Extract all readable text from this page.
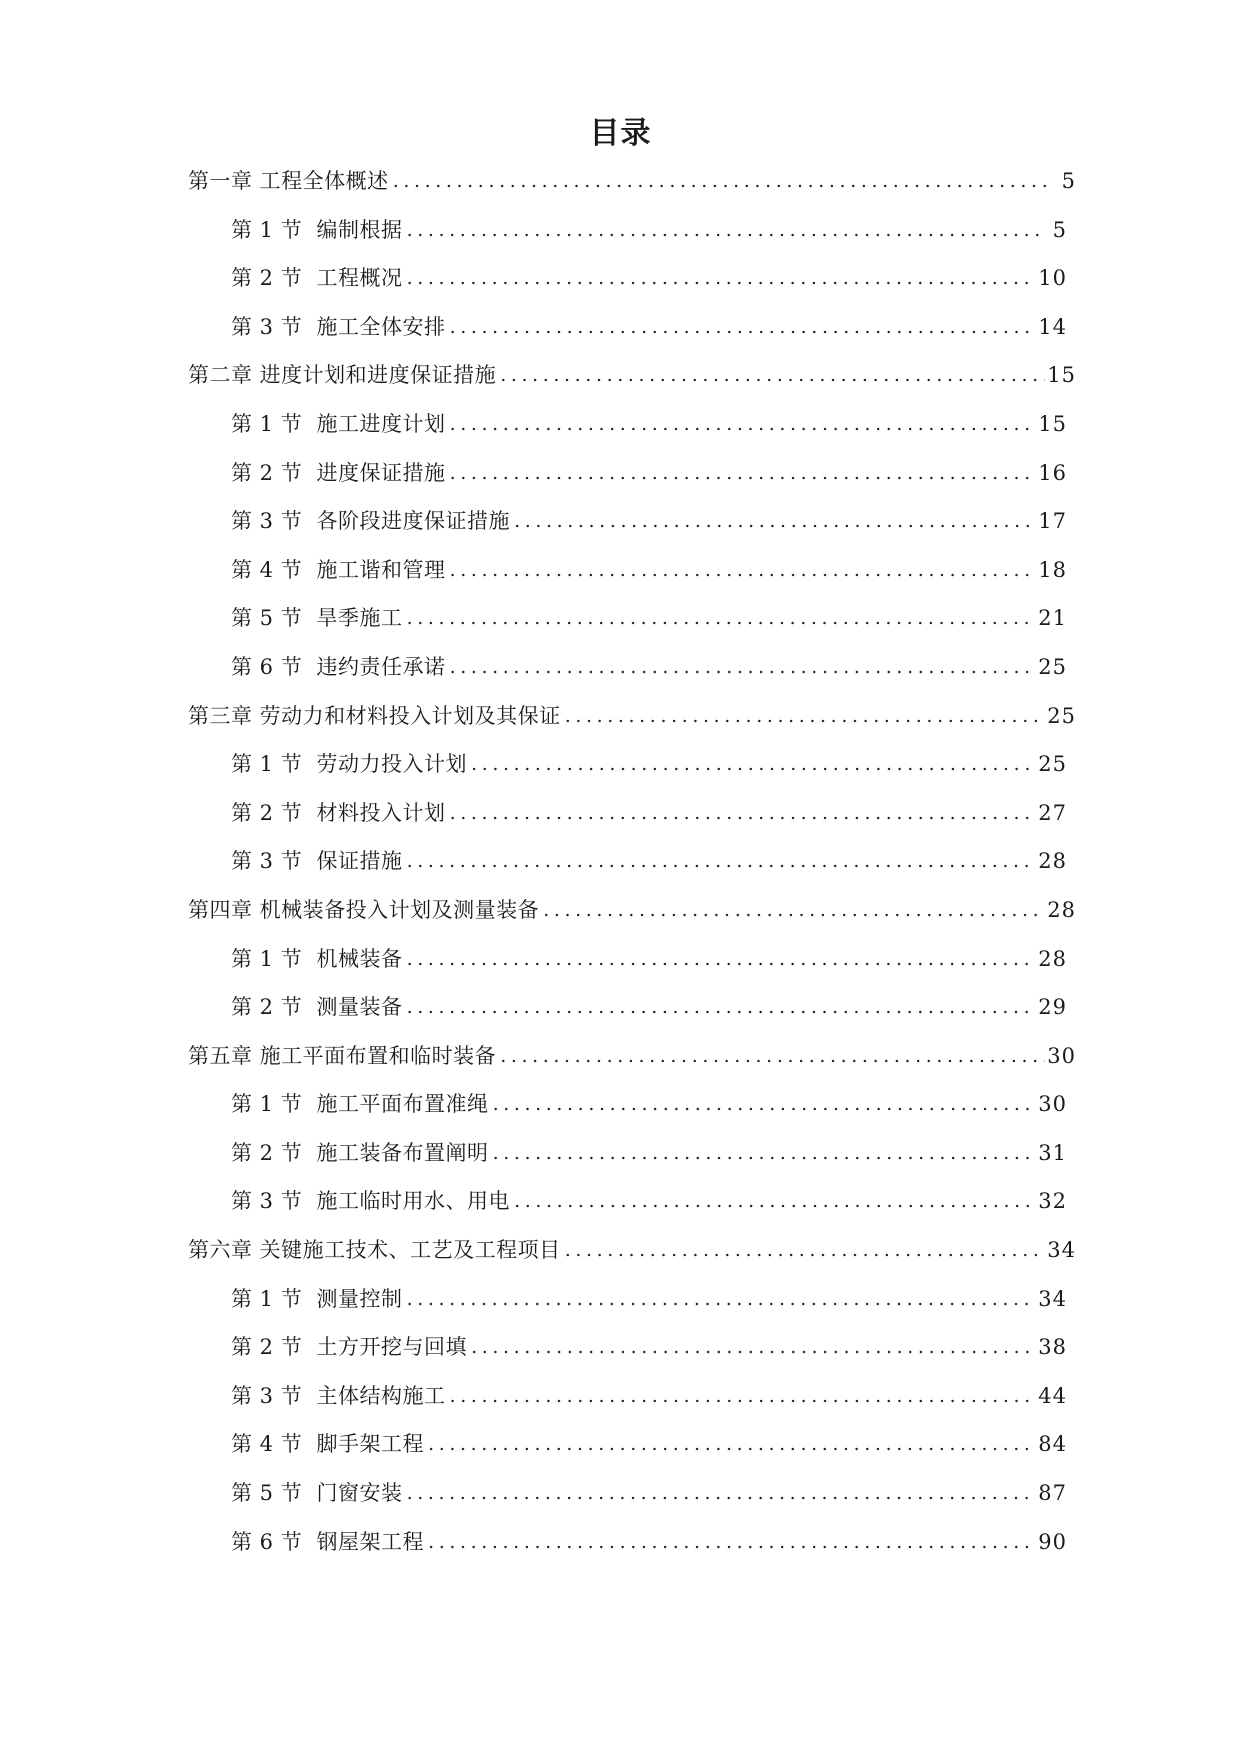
目录
第一章 工程全体概述 .....	5
第 1 节  编制根据 .....	5
第 2 节  工程概况 .....	10
第 3 节  施工全体安排 .....	14
第二章 进度计划和进度保证措施 .....	15
第 1 节  施工进度计划 .....	15
第 2 节  进度保证措施 .....	16
第 3 节  各阶段进度保证措施 .....	17
第 4 节  施工谐和管理 .....	18
第 5 节  旱季施工 .....	21
第 6 节  违约责任承诺 .....	25
第三章 劳动力和材料投入计划及其保证 .....	25
第 1 节  劳动力投入计划 .....	25
第 2 节  材料投入计划 .....	27
第 3 节  保证措施 .....	28
第四章 机械装备投入计划及测量装备 .....	28
第 1 节  机械装备 .....	28
第 2 节  测量装备 .....	29
第五章 施工平面布置和临时装备 .....	30
第 1 节  施工平面布置准绳 .....	30
第 2 节  施工装备布置阐明 .....	31
第 3 节  施工临时用水、用电 .....	32
第六章 关键施工技术、工艺及工程项目 .....	34
第 1 节  测量控制 .....	34
第 2 节  土方开挖与回填 .....	38
第 3 节  主体结构施工 .....	44
第 4 节  脚手架工程 .....	84
第 5 节  门窗安装 .....	87
第 6 节  钢屋架工程 .....	90
